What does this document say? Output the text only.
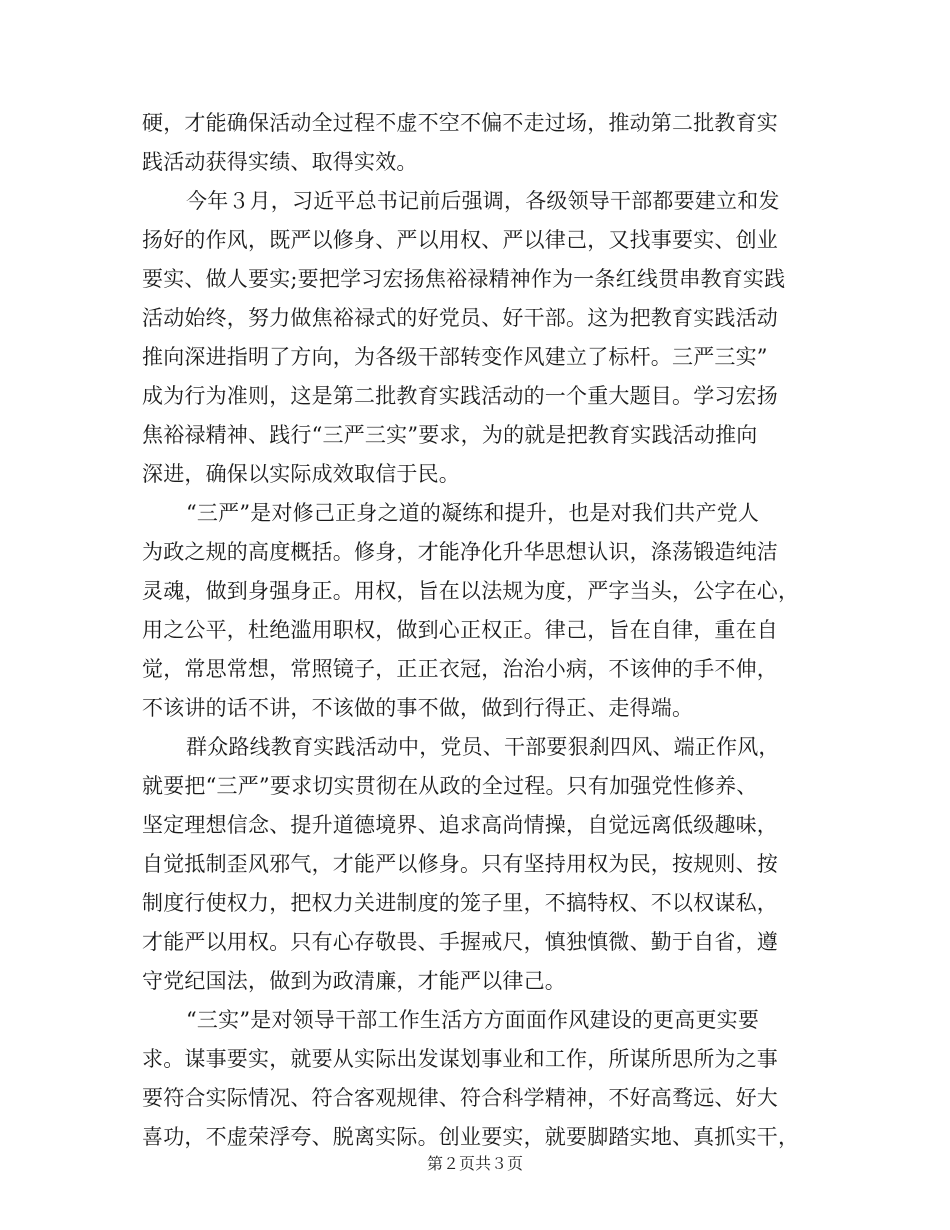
硬，才能确保活动全过程不虚不空不偏不走过场，推动第二批教育实
践活动获得实绩、取得实效。
今年３月，习近平总书记前后强调，各级领导干部都要建立和发
扬好的作风，既严以修身、严以用权、严以律己，又找事要实、创业
要实、做人要实;要把学习宏扬焦裕禄精神作为一条红线贯串教育实践
活动始终，努力做焦裕禄式的好党员、好干部。这为把教育实践活动
推向深进指明了方向，为各级干部转变作风建立了标杆。三严三实”
成为行为准则，这是第二批教育实践活动的一个重大题目。学习宏扬
焦裕禄精神、践行“三严三实”要求，为的就是把教育实践活动推向
深进，确保以实际成效取信于民。
“三严”是对修己正身之道的凝练和提升，也是对我们共产党人
为政之规的高度概括。修身，才能净化升华思想认识，涤荡锻造纯洁
灵魂，做到身强身正。用权，旨在以法规为度，严字当头，公字在心，
用之公平，杜绝滥用职权，做到心正权正。律己，旨在自律，重在自
觉，常思常想，常照镜子，正正衣冠，治治小病，不该伸的手不伸，
不该讲的话不讲，不该做的事不做，做到行得正、走得端。
群众路线教育实践活动中，党员、干部要狠刹四风、端正作风，
就要把“三严”要求切实贯彻在从政的全过程。只有加强党性修养、
坚定理想信念、提升道德境界、追求高尚情操，自觉远离低级趣味，
自觉抵制歪风邪气，才能严以修身。只有坚持用权为民，按规则、按
制度行使权力，把权力关进制度的笼子里，不搞特权、不以权谋私，
才能严以用权。只有心存敬畏、手握戒尺，慎独慎微、勤于自省，遵
守党纪国法，做到为政清廉，才能严以律己。
“三实”是对领导干部工作生活方方面面作风建设的更高更实要
求。谋事要实，就要从实际出发谋划事业和工作，所谋所思所为之事
要符合实际情况、符合客观规律、符合科学精神，不好高骛远、好大
喜功，不虚荣浮夸、脱离实际。创业要实，就要脚踏实地、真抓实干，
第２页共３页
